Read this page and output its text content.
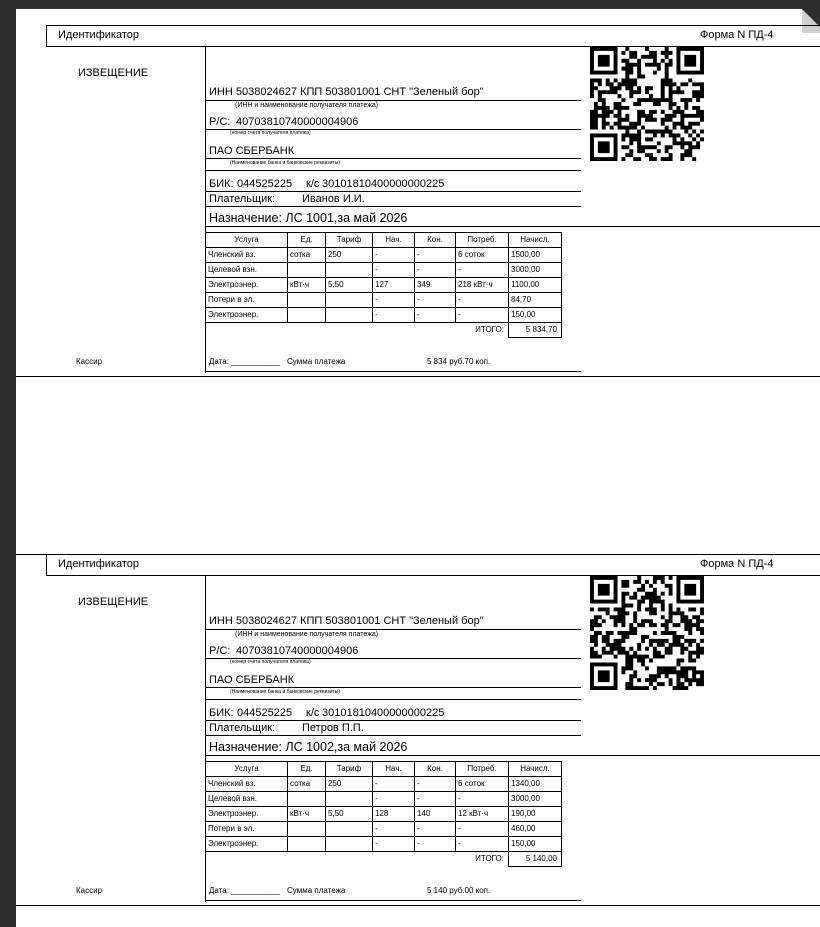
Идентификатор	Форма N ПД-4
ИЗВЕЩЕНИЕ
Кассир
ИНН 5038024627 КПП 503801001 СНТ "Зеленый бор"
(ИНН и наименование получателя платежа)
Р/С: 40703810740000004906
(номер счета получателя платежа)
ПАО СБЕРБАНК
(Наименование банка и банковские реквизиты)
БИК: 044525225 к/с 30101810400000000225
Плательщик: Иванов И.И.
Назначение: ЛС 1001,за май 2026
Услуга	Ед.	Тариф	Нач.	Кон.	Потреб.	Начисл.
Членский вз.	сотка	250	-	-	6 соток	1500,00
Целевой взн.			-	-	-	3000,00
Электроэнер.	кВт·ч	5,50	127	349	218 кВт·ч	1100,00
Потери в эл.			-	-	-	84,70
Электроэнер.			-	-	-	150,00
ИТОГО:						5 834,70
Дата: ___________ Сумма платежа	5 834 руб.70 коп.
Идентификатор	Форма N ПД-4
ИЗВЕЩЕНИЕ
Кассир
ИНН 5038024627 КПП 503801001 СНТ "Зеленый бор"
(ИНН и наименование получателя платежа)
Р/С: 40703810740000004906
(номер счета получателя платежа)
ПАО СБЕРБАНК
(Наименование банка и банковские реквизиты)
БИК: 044525225 к/с 30101810400000000225
Плательщик: Петров П.П.
Назначение: ЛС 1002,за май 2026
Услуга	Ед.	Тариф	Нач.	Кон.	Потреб.	Начисл.
Членский вз.	сотка	250	-	-	6 соток	1340,00
Целевой взн.			-	-	-	3000,00
Электроэнер.	кВт·ч	5,50	128	140	12 кВт·ч	190,00
Потери в эл.			-	-	-	460,00
Электроэнер.			-	-	-	150,00
ИТОГО:						5 140,00
Дата: ___________ Сумма платежа	5 140 руб.00 коп.
